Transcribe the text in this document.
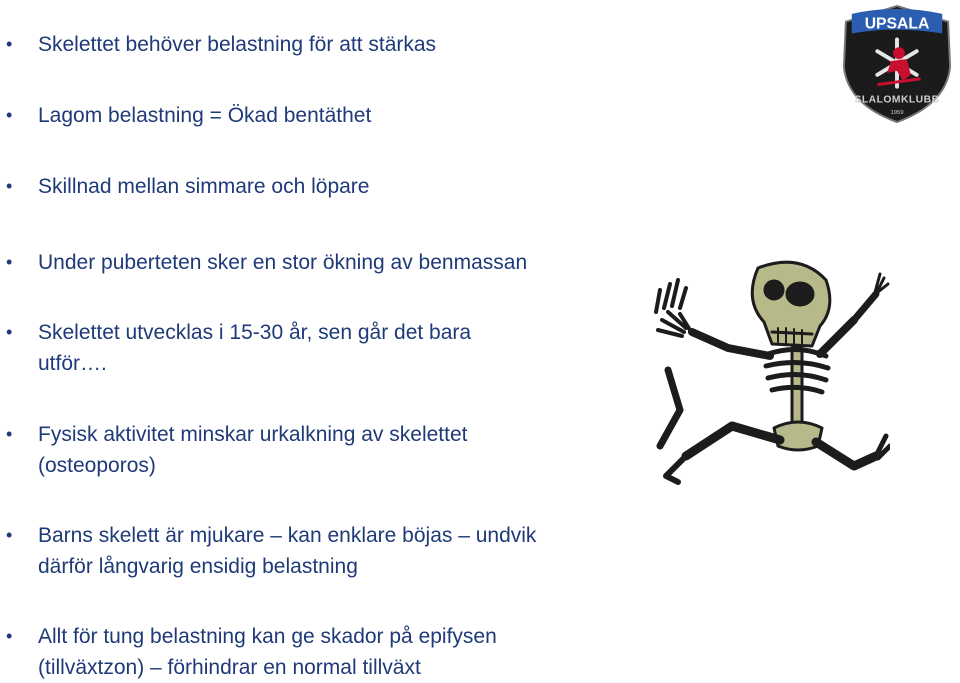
• Skelettet behöver belastning för att stärkas
• Lagom belastning = Ökad bentäthet
• Skillnad mellan simmare och löpare
• Under puberteten sker en stor ökning av benmassan
• Skelettet utvecklas i 15-30 år, sen går det bara
utför….
• Fysisk aktivitet minskar urkalkning av skelettet
(osteoporos)
• Barns skelett är mjukare – kan enklare böjas – undvik
därför långvarig ensidig belastning
• Allt för tung belastning kan ge skador på epifysen
(tillväxtzon) – förhindrar en normal tillväxt
UPSALA
SLALOMKLUBB
1959
